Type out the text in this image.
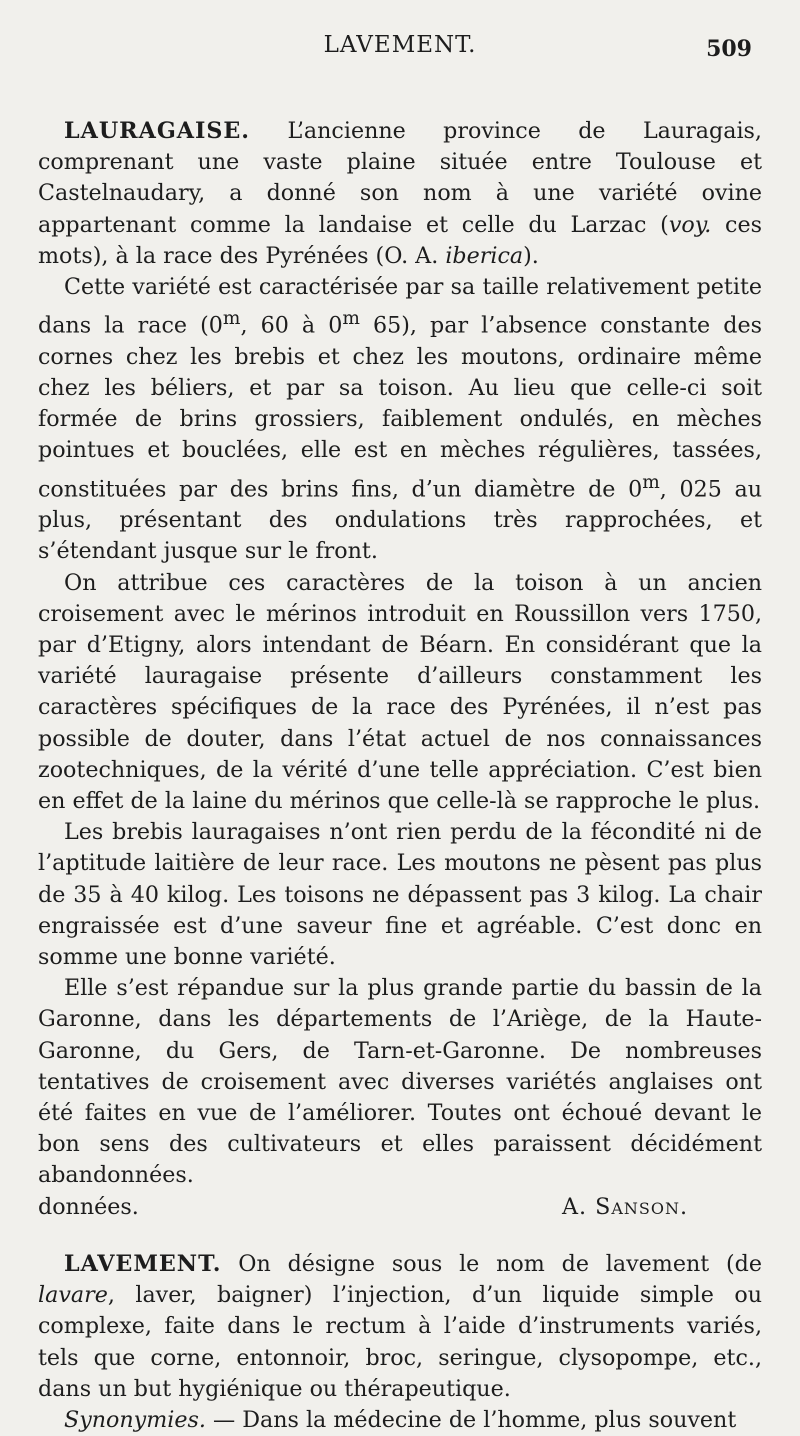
LAVEMENT.	509

LAURAGAISE. L’ancienne province de Lauragais, comprenant une vaste plaine située entre Toulouse et Castelnaudary, a donné son nom à une variété ovine appartenant comme la landaise et celle du Larzac (voy. ces mots), à la race des Pyrénées (O. A. iberica).

Cette variété est caractérisée par sa taille relativement petite dans la race (0$^m$, 60 à 0$^m$ 65), par l’absence constante des cornes chez les brebis et chez les moutons, ordinaire même chez les béliers, et par sa toison. Au lieu que celle-ci soit formée de brins grossiers, faiblement ondulés, en mèches pointues et bouclées, elle est en mèches régulières, tassées, constituées par des brins fins, d’un diamètre de 0$^m$, 025 au plus, présentant des ondulations très rapprochées, et s’étendant jusque sur le front.

On attribue ces caractères de la toison à un ancien croisement avec le mérinos introduit en Roussillon vers 1750, par d’Etigny, alors intendant de Béarn. En considérant que la variété lauragaise présente d’ailleurs constamment les caractères spécifiques de la race des Pyrénées, il n’est pas possible de douter, dans l’état actuel de nos connaissances zootechniques, de la vérité d’une telle appréciation. C’est bien en effet de la laine du mérinos que celle-là se rapproche le plus.

Les brebis lauragaises n’ont rien perdu de la fécondité ni de l’aptitude laitière de leur race. Les moutons ne pèsent pas plus de 35 à 40 kilog. Les toisons ne dépassent pas 3 kilog. La chair engraissée est d’une saveur fine et agréable. C’est donc en somme une bonne variété.

Elle s’est répandue sur la plus grande partie du bassin de la Garonne, dans les départements de l’Ariège, de la Haute-Garonne, du Gers, de Tarn-et-Garonne. De nombreuses tentatives de croisement avec diverses variétés anglaises ont été faites en vue de l’améliorer. Toutes ont échoué devant le bon sens des cultivateurs et elles paraissent décidément abandonnées.

données.	A. Sanson.

LAVEMENT. On désigne sous le nom de lavement (de lavare, laver, baigner) l’injection, d’un liquide simple ou complexe, faite dans le rectum à l’aide d’instruments variés, tels que corne, entonnoir, broc, seringue, clysopompe, etc., dans un but hygiénique ou thérapeutique.

Synonymies. — Dans la médecine de l’homme, plus souvent
